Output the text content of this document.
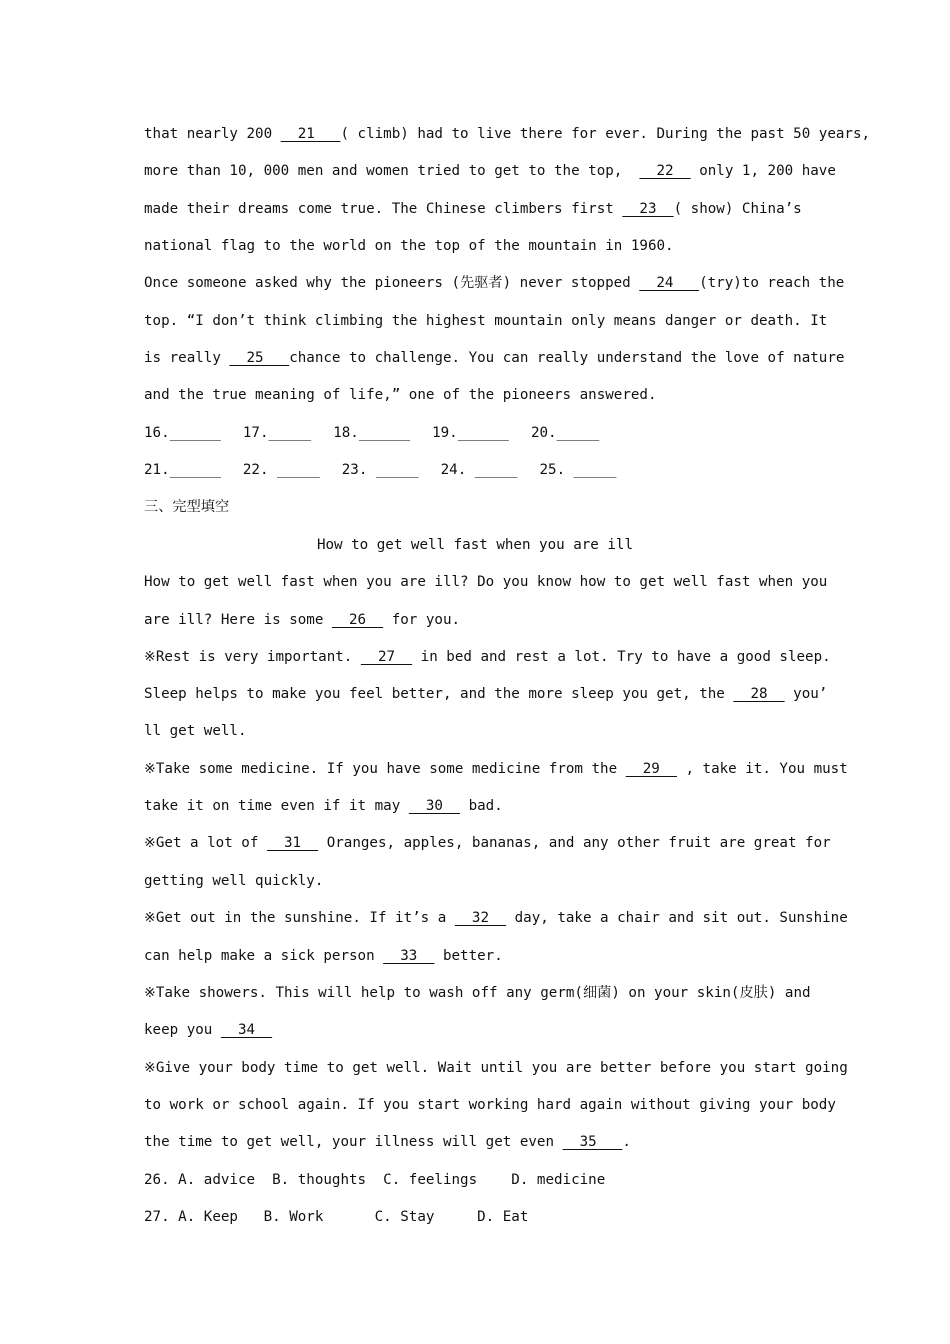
that nearly 200   21   ( climb) had to live there for ever. During the past 50 years,
more than 10, 000 men and women tried to get to the top,    22   only 1, 200 have
made their dreams come true. The Chinese climbers first   23  ( show) China’s
national flag to the world on the top of the mountain in 1960.
Once someone asked why the pioneers (先驱者) never stopped   24   (try)to reach the
top. “I don’t think climbing the highest mountain only means danger or death. It
is really   25   chance to challenge. You can really understand the love of nature
and the true meaning of life,” one of the pioneers answered.
16.______ 17._____ 18.______ 19.______ 20._____
21.______ 22. _____ 23. _____ 24. _____ 25. _____
三、完型填空
How to get well fast when you are ill
How to get well fast when you are ill? Do you know how to get well fast when you
are ill? Here is some   26   for you.
※Rest is very important.   27   in bed and rest a lot. Try to have a good sleep.
Sleep helps to make you feel better, and the more sleep you get, the   28   you’
ll get well.
※Take some medicine. If you have some medicine from the   29   , take it. You must
take it on time even if it may   30   bad.
※Get a lot of   31   Oranges, apples, bananas, and any other fruit are great for
getting well quickly.
※Get out in the sunshine. If it’s a   32   day, take a chair and sit out. Sunshine
can help make a sick person   33   better.
※Take showers. This will help to wash off any germ(细菌) on your skin(皮肤) and
keep you   34
※Give your body time to get well. Wait until you are better before you start going
to work or school again. If you start working hard again without giving your body
the time to get well, your illness will get even   35   .
26. A. advice  B. thoughts  C. feelings    D. medicine
27. A. Keep   B. Work      C. Stay     D. Eat
